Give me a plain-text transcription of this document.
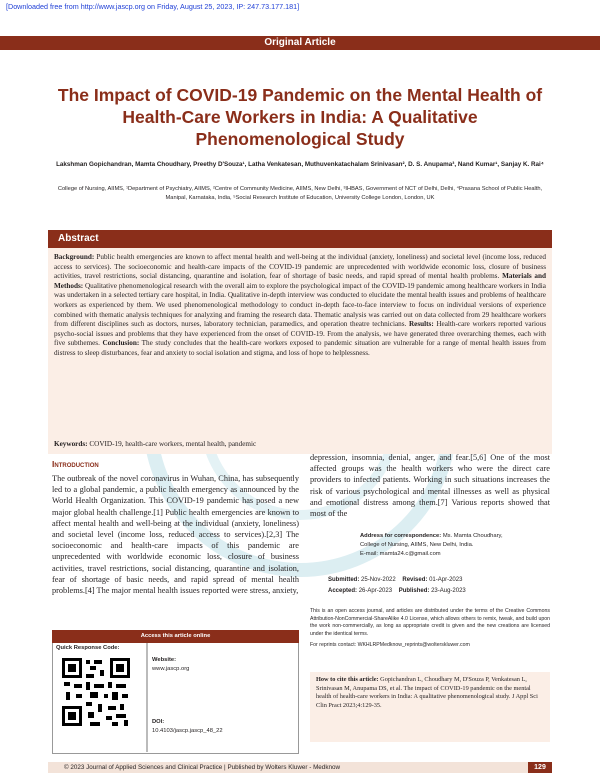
[Downloaded free from http://www.jascp.org on Friday, August 25, 2023, IP: 247.73.177.181]
Original Article
The Impact of COVID-19 Pandemic on the Mental Health of Health-Care Workers in India: A Qualitative Phenomenological Study
Lakshman Gopichandran, Mamta Choudhary, Preethy D'Souza¹, Latha Venkatesan, Muthuvenkatachalam Srinivasan², D. S. Anupama³, Nand Kumar¹, Sanjay K. Rai⁴
College of Nursing, AIIMS, ¹Department of Psychiatry, AIIMS, ²Centre of Community Medicine, AIIMS, New Delhi, ³IHBAS, Government of NCT of Delhi, Delhi, ⁴Prasana School of Public Health, Manipal, Karnataka, India, ⁵Social Research Institute of Education, University College London, London, UK
Abstract
Background: Public health emergencies are known to affect mental health and well-being at the individual (anxiety, loneliness) and societal level (income loss, reduced access to services). The socioeconomic and health-care impacts of the COVID-19 pandemic are unprecedented with worldwide economic loss, closure of business activities, travel restrictions, social distancing, quarantine and isolation, fear of shortage of basic needs, and rapid spread of mental health problems. Materials and Methods: Qualitative phenomenological research with the overall aim to explore the psychological impact of the COVID-19 pandemic among healthcare workers in India was undertaken in a selected tertiary care hospital, in India. Qualitative in-depth interview was conducted to elucidate the mental health issues and problems of healthcare workers as experienced by them. We used phenomenological methodology to conduct in-depth face-to-face interview to focus on individual versions of experience combined with thematic analysis techniques for analyzing and framing the research data. Thematic analysis was carried out on data collected from 29 healthcare workers from different disciplines such as doctors, nurses, laboratory technician, paramedics, and operation theatre technicians. Results: Health-care workers reported various psycho-social issues and problems that they have experienced from the onset of COVID-19. From the analysis, we have generated three overarching themes, each with five subthemes. Conclusion: The study concludes that the health-care workers exposed to pandemic situation are vulnerable for a range of mental health issues from distress to sleep disturbances, fear and anxiety to social isolation and stigma, and loss of hope to helplessness.
Keywords: COVID-19, health-care workers, mental health, pandemic
Introduction
The outbreak of the novel coronavirus in Wuhan, China, has subsequently led to a global pandemic, a public health emergency as announced by the World Health Organization. This COVID-19 pandemic has posed a new major global health challenge.[1] Public health emergencies are known to affect mental health and well-being at the individual (anxiety, loneliness) and societal level (income loss, reduced access to services).[2,3] The socioeconomic and health-care impacts of this pandemic are unprecedented with worldwide economic loss, closure of business activities, travel restrictions, social distancing, quarantine and isolation, fear of shortage of basic needs, and rapid spread of mental health problems.[4] The major mental health issues reported were stress, anxiety,
depression, insomnia, denial, anger, and fear.[5,6] One of the most affected groups was the health workers who were the direct care providers to infected patients. Working in such situations increases the risk of various psychological and mental illnesses as well as physical and emotional distress among them.[7] Various reports showed that most of the
Address for correspondence: Ms. Mamta Choudhary,
College of Nursing, AIIMS, New Delhi, India.
E-mail: mamta24.c@gmail.com
Submitted: 25-Nov-2022 Revised: 01-Apr-2023
Accepted: 26-Apr-2023 Published: 23-Aug-2023
This is an open access journal, and articles are distributed under the terms of the Creative Commons Attribution-NonCommercial-ShareAlike 4.0 License, which allows others to remix, tweak, and build upon the work non-commercially, as long as appropriate credit is given and the new creations are licensed under the identical terms.
For reprints contact: WKHLRPMedknow_reprints@wolterskluwer.com
How to cite this article: Gopichandran L, Choudhary M, D'Souza P, Venkatesan L, Srinivasan M, Anupama DS, et al. The impact of COVID-19 pandemic on the mental health of health-care workers in India: A qualitative phenomenological study. J Appl Sci Clin Pract 2023;4:129-35.
Access this article online
Quick Response Code:
Website:
www.jascp.org
DOI:
10.4103/jascp.jascp_48_22
© 2023 Journal of Applied Sciences and Clinical Practice | Published by Wolters Kluwer - Medknow	129
